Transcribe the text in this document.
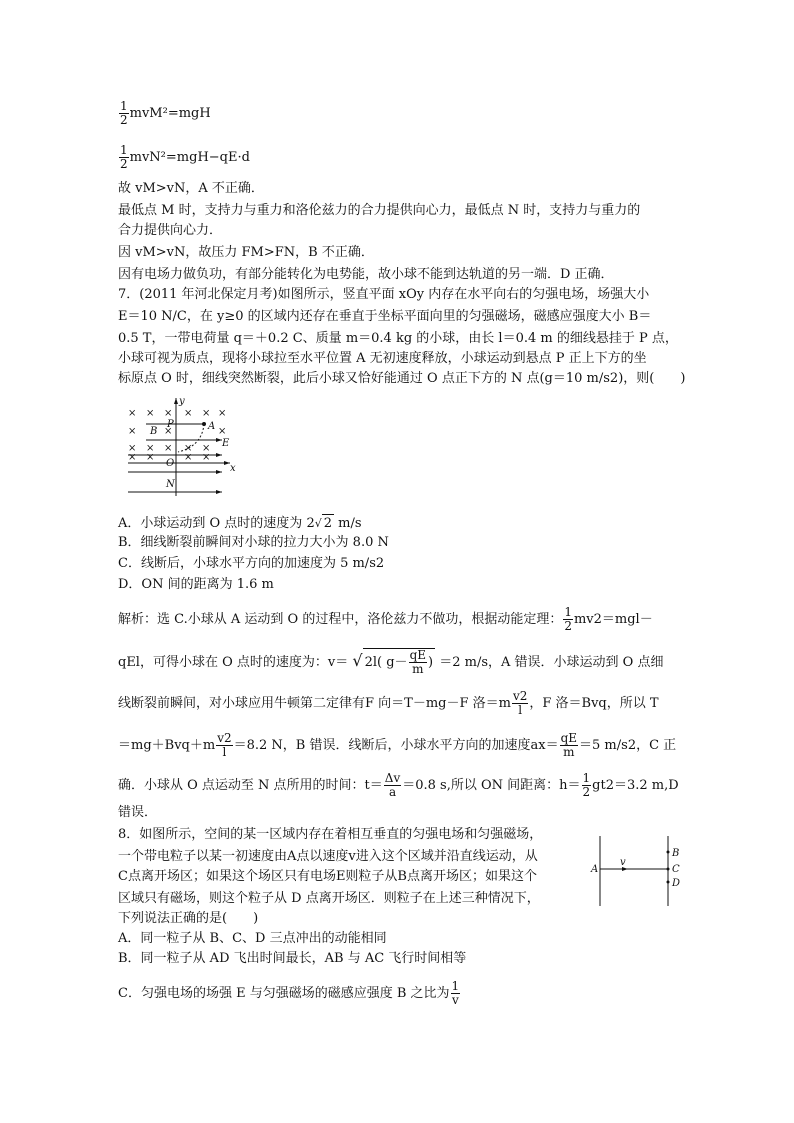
$\frac{1}{2} mvM^2=mgH$
$\frac{1}{2} mvN^2=mgH-qE\cdot d$
故 vM>vN，A 不正确．
最低点 M 时，支持力与重力和洛伦兹力的合力提供向心力，最低点 N 时，支持力与重力的
合力提供向心力．
因 vM>vN，故压力 FM>FN，B 不正确．
因有电场力做负功，有部分能转化为电势能，故小球不能到达轨道的另一端．D 正确．
7．(2011 年河北保定月考)如图所示，竖直平面 xOy 内存在水平向右的匀强电场，场强大小
E＝10 N/C，在 y≥0 的区域内还存在垂直于坐标平面向里的匀强磁场，磁感应强度大小 B＝
0.5 T，一带电荷量 q＝＋0.2 C、质量 m＝0.4 kg 的小球，由长 l＝0.4 m 的细线悬挂于 P 点，
小球可视为质点，现将小球拉至水平位置 A 无初速度释放，小球运动到悬点 P 正上下方的坐
标原点 O 时，细线突然断裂，此后小球又恰好能通过 O 点正下方的 N 点(g＝10 m/s2)，则(　　)
× × × × × ×
×	×	×
× × × × ×
× ×	× ×
y
x
B
P	A
E
O
N
A．小球运动到 O 点时的速度为 2√ 2 m/s
B．细线断裂前瞬间对小球的拉力大小为 8.0 N
C．线断后，小球水平方向的加速度为 5 m/s2
D．ON 间的距离为 1.6 m
解析：选 C.小球从 A 运动到 O 的过程中，洛伦兹力不做功，根据动能定理： $\frac{1}{2} mv2=mgl-$
qEl，可得小球在 O 点时的速度为：v＝ √ 2l( $g- \frac{qE}{m}$ ) ＝2 m/s，A 错误．小球运动到 O 点细
线断裂前瞬间，对小球应用牛顿第二定律有F 向＝T－mg－F 洛$=m \frac{v2}{l}$ ，F 洛＝Bvq，所以 T
$=mg+Bvq+m \frac{v2}{l} =8.2$ N，B 错误．线断后，小球水平方向的加速度$ax= \frac{qE}{m} =5$ m/s2，C 正
确．小球从 O 点运动至 N 点所用的时间：$t= \frac{\Delta v}{a} =0.8$ s,所以 ON 间距离：$h= \frac{1}{2} gt2=3.2$ m,D
错误．
8．如图所示，空间的某一区域内存在着相互垂直的匀强电场和匀强磁场，
一个带电粒子以某一初速度由A点以速度v进入这个区域并沿直线运动，从
C点离开场区；如果这个场区只有电场E则粒子从B点离开场区；如果这个
区域只有磁场，则这个粒子从 D 点离开场区．则粒子在上述三种情况下，
下列说法正确的是(　　)
A
v
B
C
D
A．同一粒子从 B、C、D 三点冲出的动能相同
B．同一粒子从 AD 飞出时间最长，AB 与 AC 飞行时间相等
C．匀强电场的场强 E 与匀强磁场的磁感应强度 B 之比为 $\frac{1}{v}$
